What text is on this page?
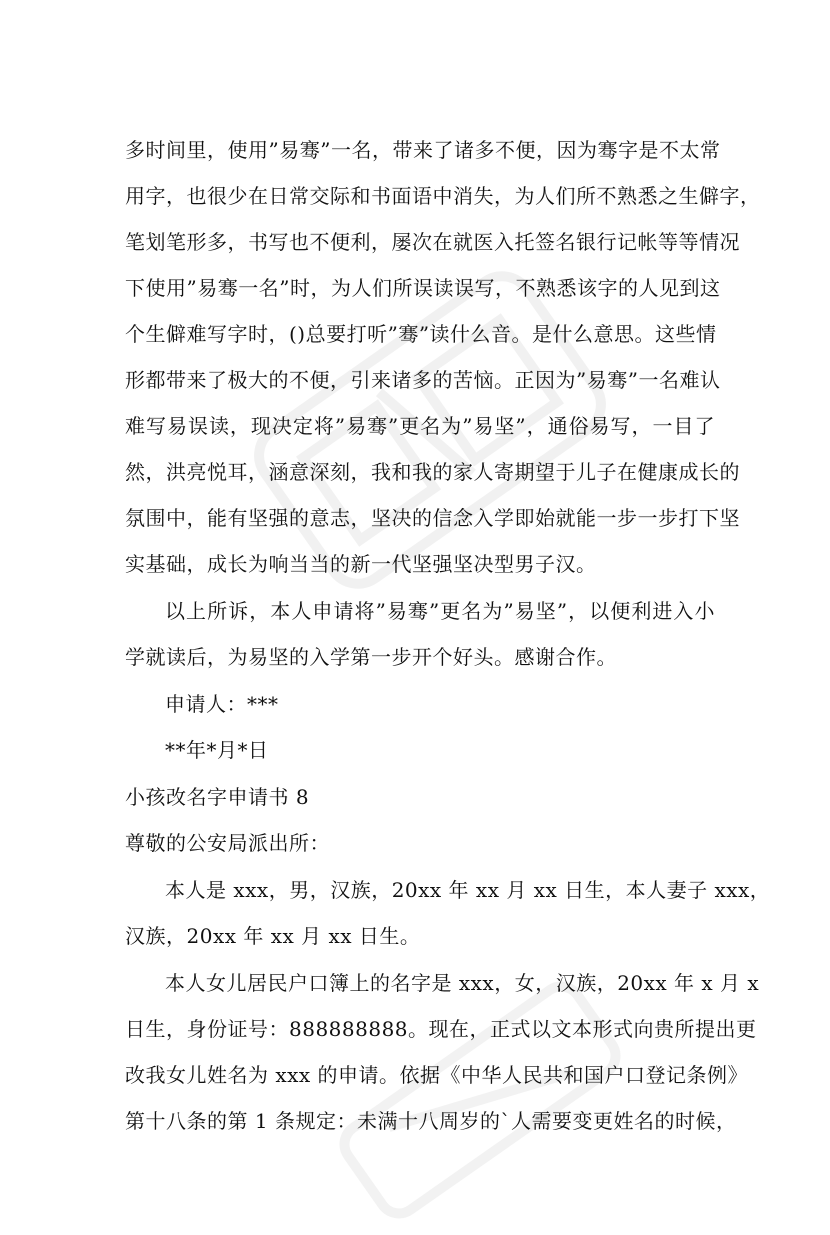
多时间里，使用”易骞”一名，带来了诸多不便，因为骞字是不太常
用字，也很少在日常交际和书面语中消失，为人们所不熟悉之生僻字，
笔划笔形多，书写也不便利，屡次在就医入托签名银行记帐等等情况
下使用”易骞一名”时，为人们所误读误写，不熟悉该字的人见到这
个生僻难写字时，()总要打听”骞”读什么音。是什么意思。这些情
形都带来了极大的不便，引来诸多的苦恼。正因为”易骞”一名难认
难写易误读，现决定将”易骞”更名为”易坚”，通俗易写，一目了
然，洪亮悦耳，涵意深刻，我和我的家人寄期望于儿子在健康成长的
氛围中，能有坚强的意志，坚决的信念入学即始就能一步一步打下坚
实基础，成长为响当当的新一代坚强坚决型男子汉。
以上所诉，本人申请将”易骞”更名为”易坚”，以便利进入小
学就读后，为易坚的入学第一步开个好头。感谢合作。
申请人：***
**年*月*日
小孩改名字申请书 8
尊敬的公安局派出所：
本人是 xxx，男，汉族，20xx 年 xx 月 xx 日生，本人妻子 xxx，
汉族，20xx 年 xx 月 xx 日生。
本人女儿居民户口簿上的名字是 xxx，女，汉族，20xx 年 x 月 x
日生，身份证号：888888888。现在，正式以文本形式向贵所提出更
改我女儿姓名为 xxx 的申请。依据《中华人民共和国户口登记条例》
第十八条的第 1 条规定：未满十八周岁的`人需要变更姓名的时候，
